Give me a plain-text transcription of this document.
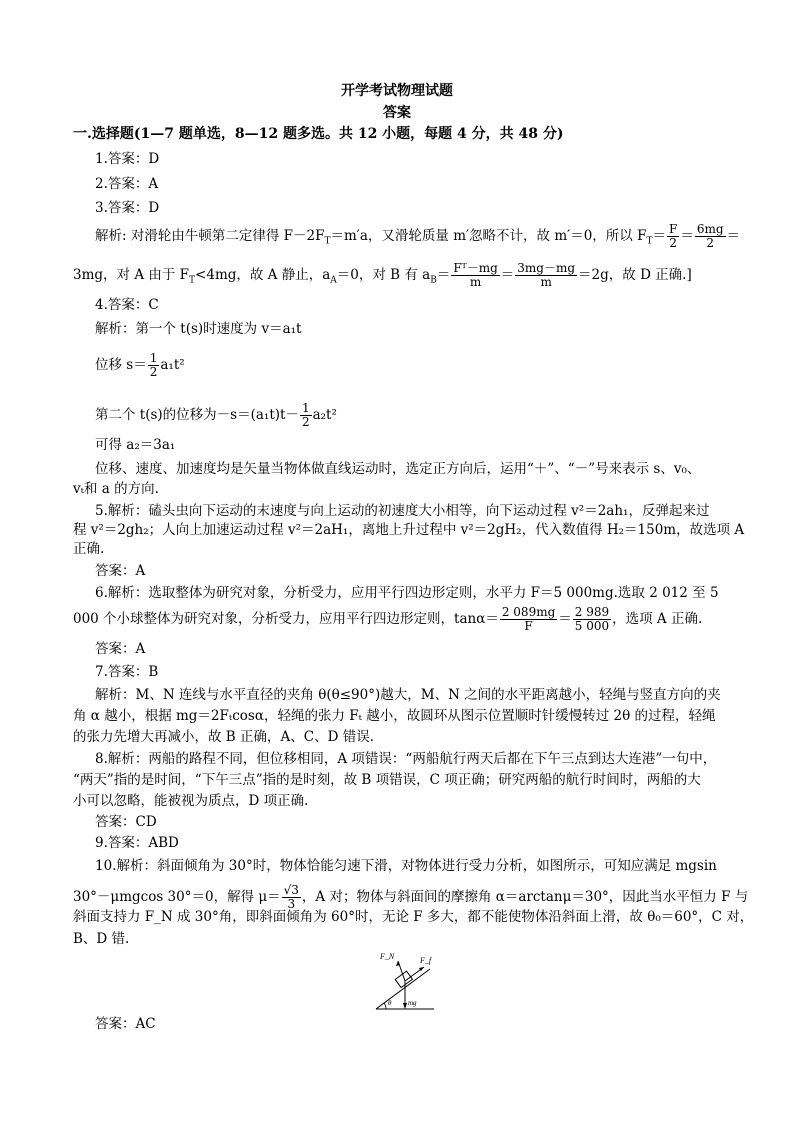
开学考试物理试题
答案
一.选择题(1—7 题单选，8—12 题多选。共 12 小题，每题 4 分，共 48 分)
1.答案：D
2.答案：A
3.答案：D
解析: 对滑轮由牛顿第二定律得 $F-2F_T=m'a$，又滑轮质量 m′忽略不计，故 m′＝0，所以 $F_T= \frac{F}{2} = \frac{6mg}{2}$ ＝
3mg，对 A 由于 $F_T<4mg$，故 A 静止，$a_A=0$，对 B 有 $a_B= \frac{\text{Fᵀ－mg}}{m} = \frac{3mg-mg}{m} =2g$，故 D 正确.]
4.答案：C
解析：第一个 t(s)时速度为 v＝a₁t
位移 $s= \frac{1}{2} a_1t^2$
第二个 t(s)的位移为$-s=(a_1t)t- \frac{1}{2} a_2t^2$
可得 a₂＝3a₁
位移、速度、加速度均是矢量当物体做直线运动时，选定正方向后，运用“＋”、“－”号来表示 s、v₀、
vₜ和 a 的方向.
5.解析：磕头虫向下运动的末速度与向上运动的初速度大小相等，向下运动过程 v²＝2ah₁，反弹起来过
程 v²＝2gh₂；人向上加速运动过程 v²＝2aH₁，离地上升过程中 v²＝2gH₂，代入数值得 H₂＝150m，故选项 A
正确.
答案：A
6.解析：选取整体为研究对象，分析受力，应用平行四边形定则，水平力 F＝5 000mg.选取 2 012 至 5
000 个小球整体为研究对象，分析受力，应用平行四边形定则，$\tan\alpha= \frac{2 089mg}{F} = \frac{2 989}{5 000}$ ，选项 A 正确.
答案：A
7.答案：B
解析：M、N 连线与水平直径的夹角 θ(θ≤90°)越大，M、N 之间的水平距离越小，轻绳与竖直方向的夹
角 α 越小，根据 mg＝2Fₜcosα，轻绳的张力 Fₜ 越小，故圆环从图示位置顺时针缓慢转过 2θ 的过程，轻绳
的张力先增大再减小，故 B 正确，A、C、D 错误.
8.解析：两船的路程不同，但位移相同，A 项错误：“两船航行两天后都在下午三点到达大连港”一句中，
“两天”指的是时间，“下午三点”指的是时刻，故 B 项错误，C 项正确；研究两船的航行时间时，两船的大
小可以忽略，能被视为质点，D 项正确.
答案：CD
9.答案：ABD
10.解析：斜面倾角为 30°时，物体恰能匀速下滑，对物体进行受力分析，如图所示，可知应满足 mgsin
30°－μmgcos 30°＝0，解得 $\mu= \frac{√3}{3}$ ，A 对；物体与斜面间的摩擦角 α＝arctanμ＝30°，因此当水平恒力 F 与
斜面支持力 F_N 成 30°角，即斜面倾角为 60°时，无论 F 多大，都不能使物体沿斜面上滑，故 θ₀＝60°，C 对，
B、D 错.
F_N	F_f
θ mg
答案：AC
